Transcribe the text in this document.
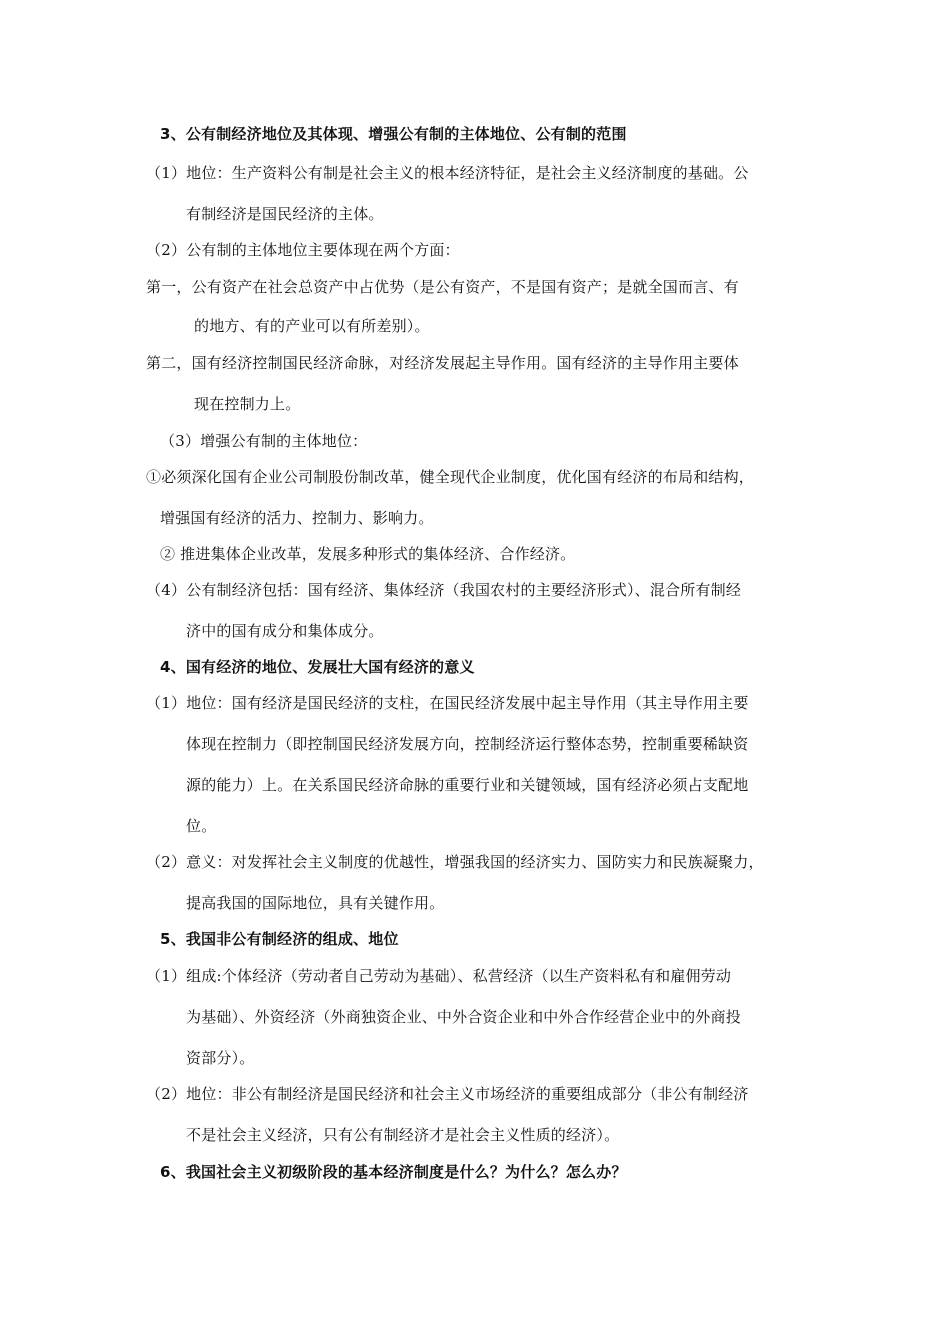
3、公有制经济地位及其体现、增强公有制的主体地位、公有制的范围
（1）地位：生产资料公有制是社会主义的根本经济特征，是社会主义经济制度的基础。公
有制经济是国民经济的主体。
（2）公有制的主体地位主要体现在两个方面：
第一，公有资产在社会总资产中占优势（是公有资产，不是国有资产；是就全国而言、有
的地方、有的产业可以有所差别）。
第二，国有经济控制国民经济命脉，对经济发展起主导作用。国有经济的主导作用主要体
现在控制力上。
（3）增强公有制的主体地位：
①必须深化国有企业公司制股份制改革，健全现代企业制度，优化国有经济的布局和结构，
增强国有经济的活力、控制力、影响力。
② 推进集体企业改革，发展多种形式的集体经济、合作经济。
（4）公有制经济包括：国有经济、集体经济（我国农村的主要经济形式）、混合所有制经
济中的国有成分和集体成分。
4、国有经济的地位、发展壮大国有经济的意义
（1）地位：国有经济是国民经济的支柱，在国民经济发展中起主导作用（其主导作用主要
体现在控制力（即控制国民经济发展方向，控制经济运行整体态势，控制重要稀缺资
源的能力）上。在关系国民经济命脉的重要行业和关键领域，国有经济必须占支配地
位。
（2）意义：对发挥社会主义制度的优越性，增强我国的经济实力、国防实力和民族凝聚力，
提高我国的国际地位，具有关键作用。
5、我国非公有制经济的组成、地位
（1）组成:个体经济（劳动者自己劳动为基础）、私营经济（以生产资料私有和雇佣劳动
为基础）、外资经济（外商独资企业、中外合资企业和中外合作经营企业中的外商投
资部分）。
（2）地位：非公有制经济是国民经济和社会主义市场经济的重要组成部分（非公有制经济
不是社会主义经济，只有公有制经济才是社会主义性质的经济）。
6、我国社会主义初级阶段的基本经济制度是什么？为什么？怎么办？
